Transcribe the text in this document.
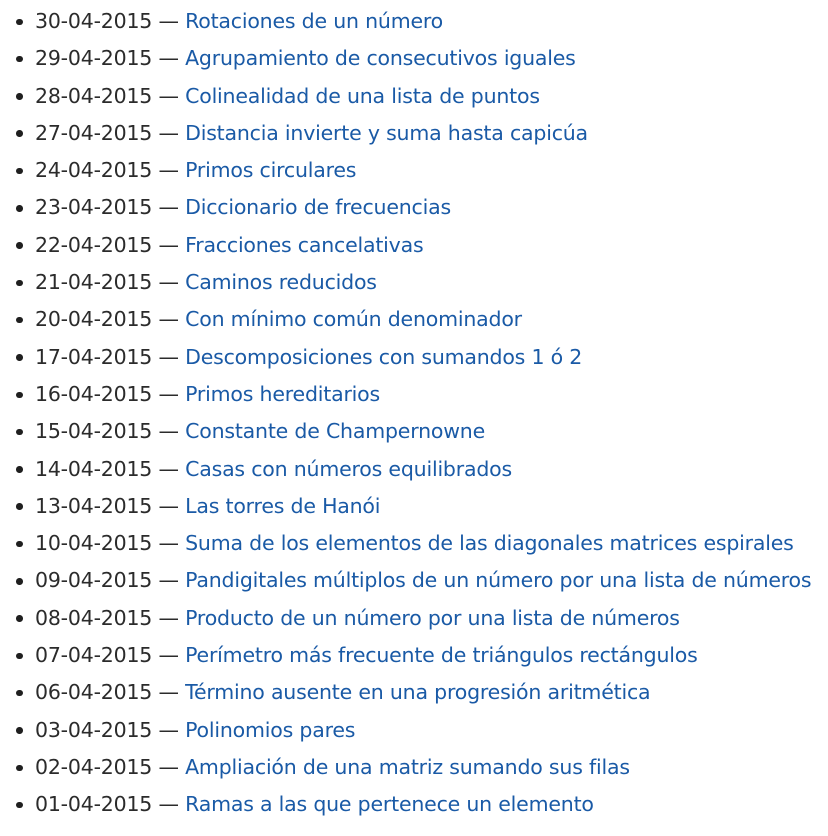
30-04-2015 — Rotaciones de un número
29-04-2015 — Agrupamiento de consecutivos iguales
28-04-2015 — Colinealidad de una lista de puntos
27-04-2015 — Distancia invierte y suma hasta capicúa
24-04-2015 — Primos circulares
23-04-2015 — Diccionario de frecuencias
22-04-2015 — Fracciones cancelativas
21-04-2015 — Caminos reducidos
20-04-2015 — Con mínimo común denominador
17-04-2015 — Descomposiciones con sumandos 1 ó 2
16-04-2015 — Primos hereditarios
15-04-2015 — Constante de Champernowne
14-04-2015 — Casas con números equilibrados
13-04-2015 — Las torres de Hanói
10-04-2015 — Suma de los elementos de las diagonales matrices espirales
09-04-2015 — Pandigitales múltiplos de un número por una lista de números
08-04-2015 — Producto de un número por una lista de números
07-04-2015 — Perímetro más frecuente de triángulos rectángulos
06-04-2015 — Término ausente en una progresión aritmética
03-04-2015 — Polinomios pares
02-04-2015 — Ampliación de una matriz sumando sus filas
01-04-2015 — Ramas a las que pertenece un elemento
